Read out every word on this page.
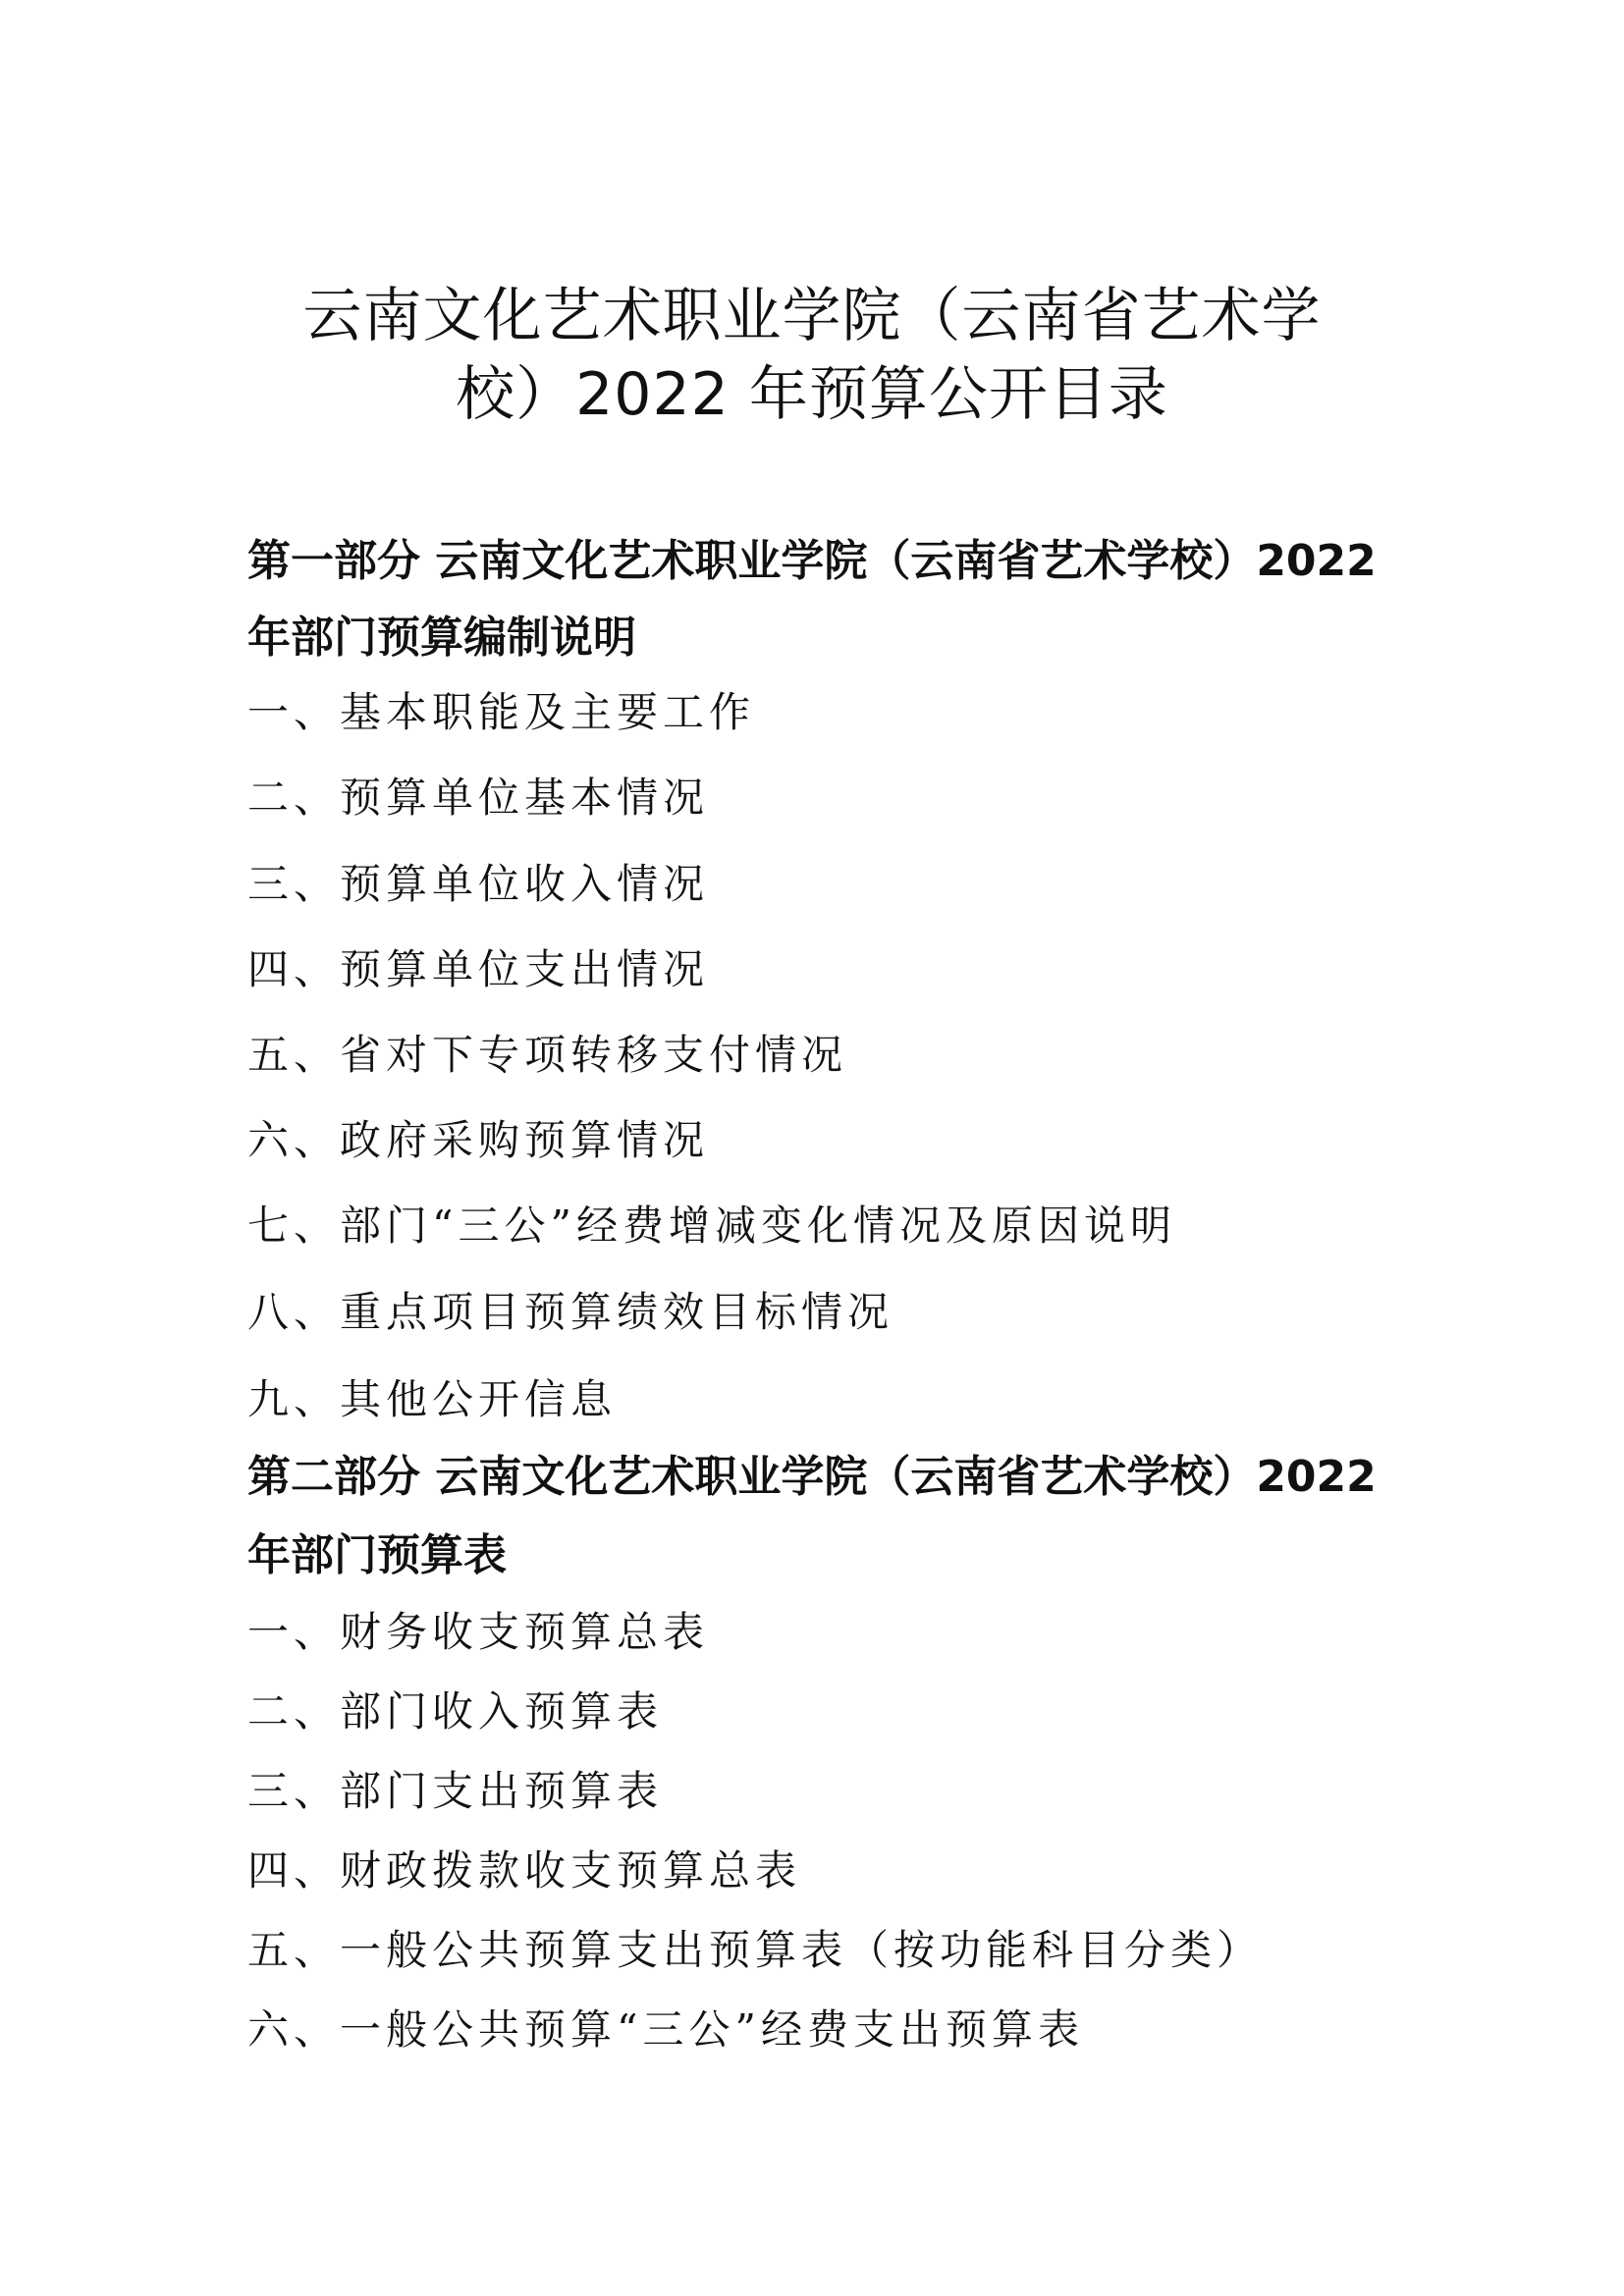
云南文化艺术职业学院（云南省艺术学
校）2022 年预算公开目录
第一部分 云南文化艺术职业学院（云南省艺术学校）2022
年部门预算编制说明
一、基本职能及主要工作
二、预算单位基本情况
三、预算单位收入情况
四、预算单位支出情况
五、省对下专项转移支付情况
六、政府采购预算情况
七、部门“三公”经费增减变化情况及原因说明
八、重点项目预算绩效目标情况
九、其他公开信息
第二部分 云南文化艺术职业学院（云南省艺术学校）2022
年部门预算表
一、财务收支预算总表
二、部门收入预算表
三、部门支出预算表
四、财政拨款收支预算总表
五、一般公共预算支出预算表（按功能科目分类）
六、一般公共预算“三公”经费支出预算表
